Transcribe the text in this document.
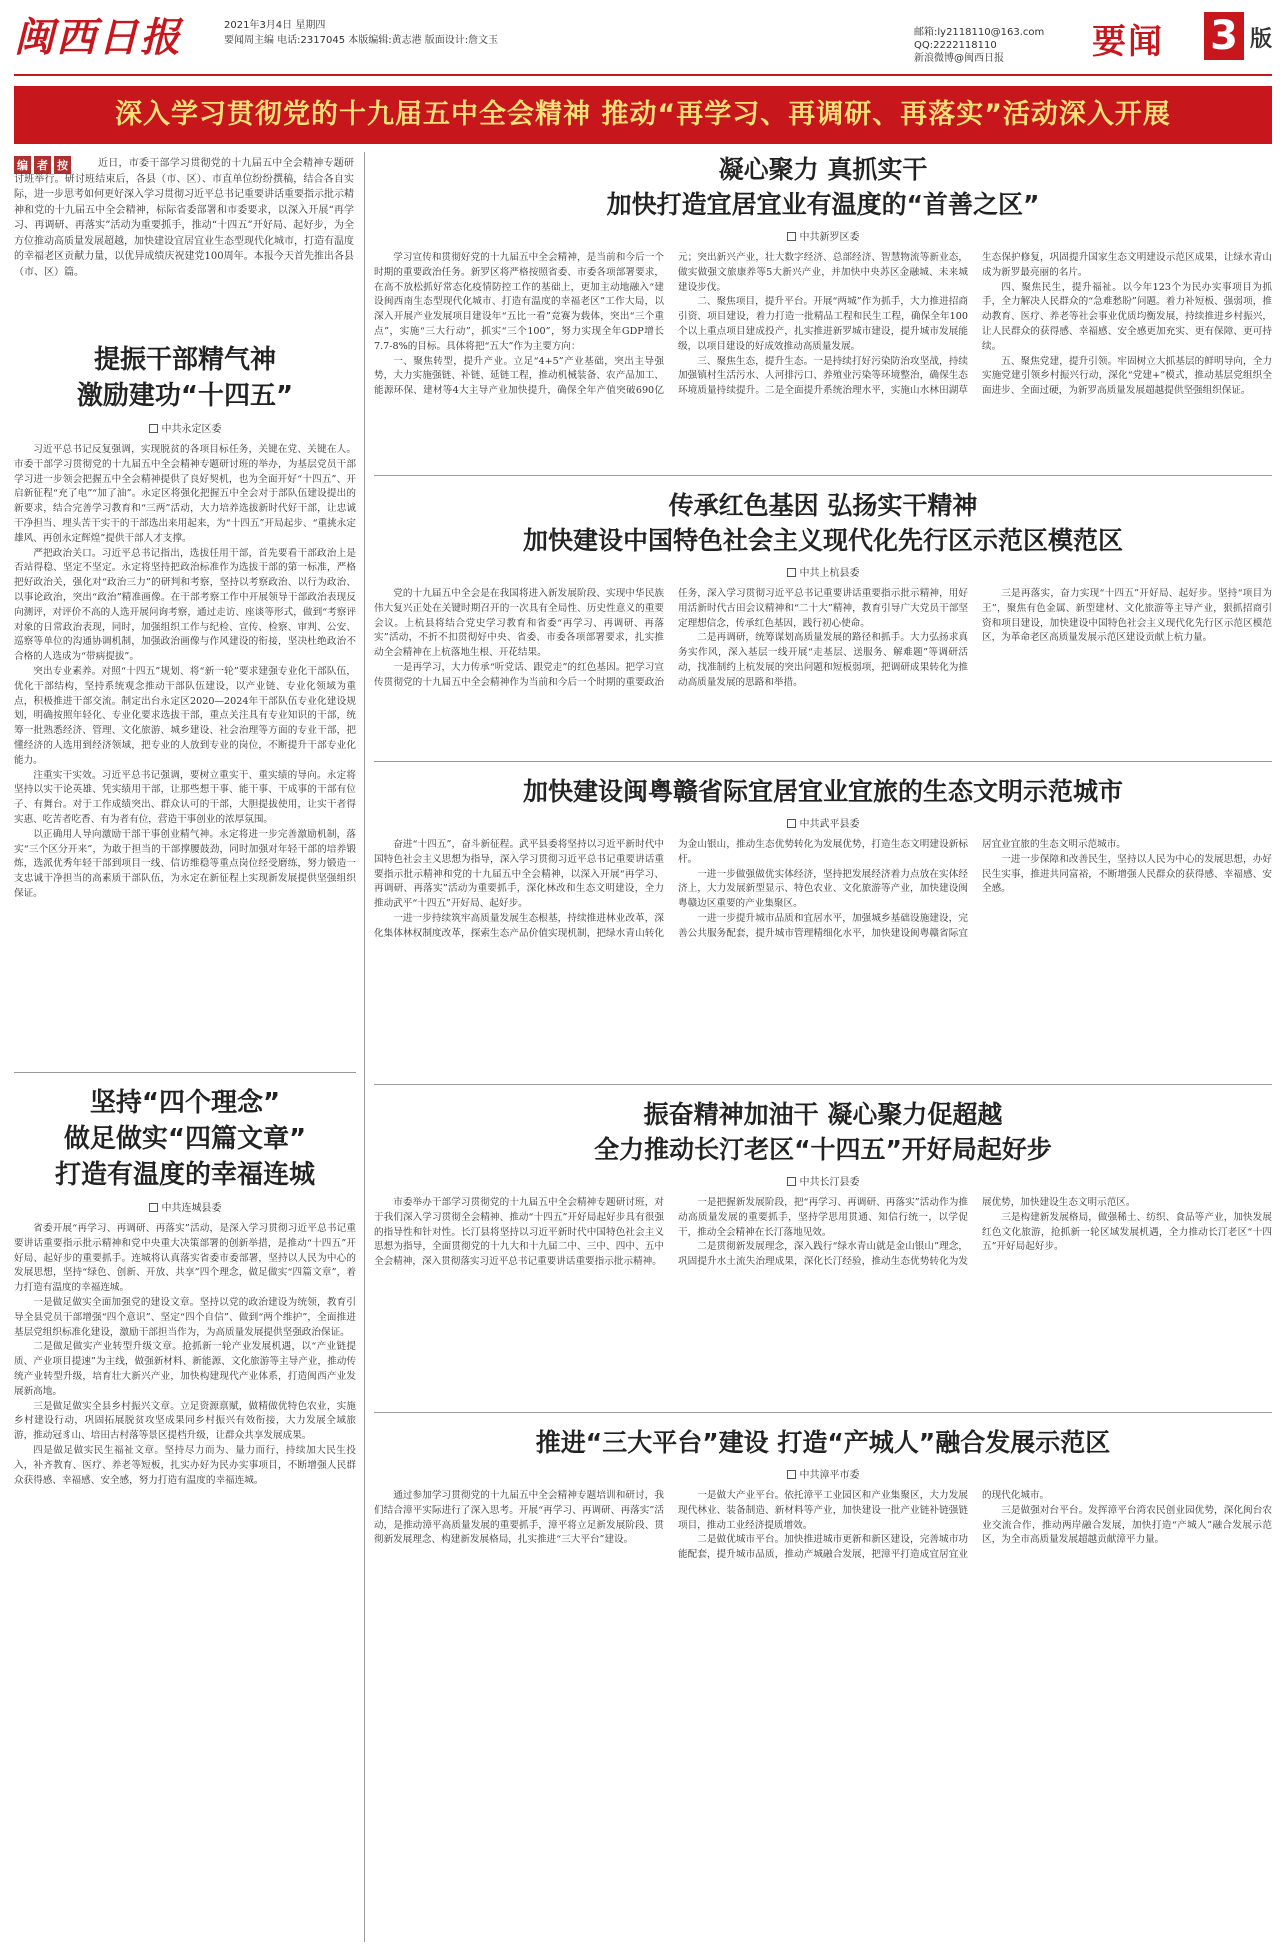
闽西日报	2021年3月4日 星期四
要闻周主编 电话:2317045 本版编辑:黄志港 版面设计:詹文玉
邮箱:ly2118110@163.com
QQ:2222118110
新浪微博@闽西日报	要闻 3 版
深入学习贯彻党的十九届五中全会精神 推动“再学习、再调研、再落实”活动深入开展
编 者 按	近日，市委干部学习贯彻党的十九届五中全会精神专题研讨班举行。研讨班结束后，各县（市、区）、市直单位纷纷撰稿，结合各自实际，进一步思考如何更好深入学习贯彻习近平总书记重要讲话重要指示批示精神和党的十九届五中全会精神，标际省委部署和市委要求，以深入开展“再学习、再调研、再落实”活动为重要抓手，推动“十四五”开好局、起好步，为全方位推动高质量发展超越，加快建设宜居宜业生态型现代化城市，打造有温度的幸福老区贡献力量，以优异成绩庆祝建党100周年。本报今天首先推出各县（市、区）篇。
提振干部精气神
激励建功“十四五”
中共永定区委

习近平总书记反复强调，实现脱贫的各项目标任务，关键在党、关键在人。市委干部学习贯彻党的十九届五中全会精神专题研讨班的举办，为基层党员干部学习进一步领会把握五中全会精神提供了良好契机，也为全面开好“十四五”、开启新征程“充了电”“加了油”。永定区将强化把握五中全会对于部队伍建设提出的新要求，结合完善学习教育和“三两”活动，大力培养选拔新时代好干部，让忠诚干净担当、埋头苦干实干的干部选出来用起来，为“十四五”开局起步、“重挑永定雄风、再创永定辉煌”提供干部人才支撑。

严把政治关口。习近平总书记指出，选拔任用干部，首先要看干部政治上是否站得稳、坚定不坚定。永定将坚持把政治标准作为选拔干部的第一标准，严格把好政治关，强化对“政治三力”的研判和考察，坚持以考察政治、以行为政治、以事论政治，突出“政治”精准画像。在干部考察工作中开展领导干部政治表现反向测评，对评价不高的人选开展问询考察，通过走访、座谈等形式，做到“考察评对象的日常政治表现，同时，加强组织工作与纪检、宣传、检察、审判、公安、巡察等单位的沟通协调机制，加强政治画像与作风建设的衔接，坚决杜绝政治不合格的人选成为“带病提拔”。

突出专业素养。对照“十四五”规划、将“新一轮”要求建强专业化干部队伍，优化干部结构，坚持系统观念推动干部队伍建设，以产业链、专业化领域为重点，积极推进干部交流。制定出台永定区2020—2024年干部队伍专业化建设规划，明确按照年轻化、专业化要求选拔干部，重点关注具有专业知识的干部，统筹一批熟悉经济、管理、文化旅游、城乡建设、社会治理等方面的专业干部，把懂经济的人选用到经济领域，把专业的人放到专业的岗位，不断提升干部专业化能力。

注重实干实效。习近平总书记强调，要树立重实干、重实绩的导向。永定将坚持以实干论英雄、凭实绩用干部，让那些想干事、能干事、干成事的干部有位子、有舞台。对于工作成绩突出、群众认可的干部，大胆提拔使用，让实干者得实惠、吃苦者吃香、有为者有位，营造干事创业的浓厚氛围。

以正确用人导向激励干部干事创业精气神。永定将进一步完善激励机制，落实“三个区分开来”，为敢于担当的干部撑腰鼓劲，同时加强对年轻干部的培养锻炼，选派优秀年轻干部到项目一线、信访维稳等重点岗位经受磨练，努力锻造一支忠诚干净担当的高素质干部队伍，为永定在新征程上实现新发展提供坚强组织保证。

坚持“四个理念”
做足做实“四篇文章”
打造有温度的幸福连城
中共连城县委

省委开展“再学习、再调研、再落实”活动，是深入学习贯彻习近平总书记重要讲话重要指示批示精神和党中央重大决策部署的创新举措，是推动“十四五”开好局、起好步的重要抓手。连城将认真落实省委市委部署，坚持以人民为中心的发展思想，坚持“绿色、创新、开放、共享”四个理念，做足做实“四篇文章”，着力打造有温度的幸福连城。

一是做足做实全面加强党的建设文章。坚持以党的政治建设为统领，教育引导全县党员干部增强“四个意识”、坚定“四个自信”、做到“两个维护”，全面推进基层党组织标准化建设，激励干部担当作为，为高质量发展提供坚强政治保证。

二是做足做实产业转型升级文章。抢抓新一轮产业发展机遇，以“产业链提质、产业项目提速”为主线，做强新材料、新能源、文化旅游等主导产业，推动传统产业转型升级，培育壮大新兴产业，加快构建现代产业体系，打造闽西产业发展新高地。

三是做足做实全县乡村振兴文章。立足资源禀赋，做精做优特色农业，实施乡村建设行动，巩固拓展脱贫攻坚成果同乡村振兴有效衔接，大力发展全域旅游，推动冠豸山、培田古村落等景区提档升级，让群众共享发展成果。

四是做足做实民生福祉文章。坚持尽力而为、量力而行，持续加大民生投入，补齐教育、医疗、养老等短板，扎实办好为民办实事项目，不断增强人民群众获得感、幸福感、安全感，努力打造有温度的幸福连城。

凝心聚力 真抓实干
加快打造宜居宜业有温度的“首善之区”
中共新罗区委

学习宣传和贯彻好党的十九届五中全会精神，是当前和今后一个时期的重要政治任务。新罗区将严格按照省委、市委各项部署要求，在高不放松抓好常态化疫情防控工作的基础上，更加主动地融入“建设闽西南生态型现代化城市、打造有温度的幸福老区”工作大局，以深入开展产业发展项目建设年“五比一看”竞赛为载体，突出“三个重点”，实施“三大行动”，抓实“三个100”，努力实现全年GDP增长7.7-8%的目标。具体将把“五大”作为主要方向：

一、聚焦转型，提升产业。立足“4+5”产业基础，突出主导强势，大力实施强链、补链、延链工程，推动机械装备、农产品加工、能源环保、建材等4大主导产业加快提升，确保全年产值突破690亿元；突出新兴产业，壮大数字经济、总部经济、智慧物流等新业态，做实做强文旅康养等5大新兴产业，并加快中央苏区金融城、未来城建设步伐。

二、聚焦项目，提升平台。开展“两城”作为抓手，大力推进招商引资、项目建设，着力打造一批精品工程和民生工程，确保全年100个以上重点项目建成投产，扎实推进新罗城市建设，提升城市发展能级，以项目建设的好成效推动高质量发展。

三、聚焦生态，提升生态。一是持续打好污染防治攻坚战，持续加强镇村生活污水、人河排污口、养殖业污染等环境整治，确保生态环境质量持续提升。二是全面提升系统治理水平，实施山水林田湖草生态保护修复，巩固提升国家生态文明建设示范区成果，让绿水青山成为新罗最亮丽的名片。

四、聚焦民生，提升福祉。以今年123个为民办实事项目为抓手，全力解决人民群众的“急难愁盼”问题。着力补短板、强弱项，推动教育、医疗、养老等社会事业优质均衡发展，持续推进乡村振兴，让人民群众的获得感、幸福感、安全感更加充实、更有保障、更可持续。

五、聚焦党建，提升引领。牢固树立大抓基层的鲜明导向，全力实施党建引领乡村振兴行动，深化“党建+”模式，推动基层党组织全面进步、全面过硬，为新罗高质量发展超越提供坚强组织保证。

传承红色基因 弘扬实干精神
加快建设中国特色社会主义现代化先行区示范区模范区
中共上杭县委

党的十九届五中全会是在我国将进入新发展阶段、实现中华民族伟大复兴正处在关键时期召开的一次具有全局性、历史性意义的重要会议。上杭县将结合党史学习教育和省委“再学习、再调研、再落实”活动，不折不扣贯彻好中央、省委、市委各项部署要求，扎实推动全会精神在上杭落地生根、开花结果。

一是再学习，大力传承“听党话、跟党走”的红色基因。把学习宣传贯彻党的十九届五中全会精神作为当前和今后一个时期的重要政治任务，深入学习贯彻习近平总书记重要讲话重要指示批示精神，用好用活新时代古田会议精神和“二十大”精神，教育引导广大党员干部坚定理想信念，传承红色基因，践行初心使命。

二是再调研，统筹谋划高质量发展的路径和抓手。大力弘扬求真务实作风，深入基层一线开展“走基层、送服务、解难题”等调研活动，找准制约上杭发展的突出问题和短板弱项，把调研成果转化为推动高质量发展的思路和举措。

三是再落实，奋力实现“十四五”开好局、起好步。坚持“项目为王”，聚焦有色金属、新型建材、文化旅游等主导产业，狠抓招商引资和项目建设，加快建设中国特色社会主义现代化先行区示范区模范区，为革命老区高质量发展示范区建设贡献上杭力量。

加快建设闽粤赣省际宜居宜业宜旅的生态文明示范城市
中共武平县委

奋进“十四五”，奋斗新征程。武平县委将坚持以习近平新时代中国特色社会主义思想为指导，深入学习贯彻习近平总书记重要讲话重要指示批示精神和党的十九届五中全会精神，以深入开展“再学习、再调研、再落实”活动为重要抓手，深化林改和生态文明建设，全力推动武平“十四五”开好局、起好步。

一进一步持续筑牢高质量发展生态根基，持续推进林业改革，深化集体林权制度改革，探索生态产品价值实现机制，把绿水青山转化为金山银山，推动生态优势转化为发展优势，打造生态文明建设新标杆。

一进一步做强做优实体经济，坚持把发展经济着力点放在实体经济上，大力发展新型显示、特色农业、文化旅游等产业，加快建设闽粤赣边区重要的产业集聚区。

一进一步提升城市品质和宜居水平，加强城乡基础设施建设，完善公共服务配套，提升城市管理精细化水平，加快建设闽粤赣省际宜居宜业宜旅的生态文明示范城市。

一进一步保障和改善民生，坚持以人民为中心的发展思想，办好民生实事，推进共同富裕，不断增强人民群众的获得感、幸福感、安全感。

振奋精神加油干 凝心聚力促超越
全力推动长汀老区“十四五”开好局起好步
中共长汀县委

市委举办干部学习贯彻党的十九届五中全会精神专题研讨班，对于我们深入学习贯彻全会精神、推动“十四五”开好局起好步具有很强的指导性和针对性。长汀县将坚持以习近平新时代中国特色社会主义思想为指导，全面贯彻党的十九大和十九届二中、三中、四中、五中全会精神，深入贯彻落实习近平总书记重要讲话重要指示批示精神。

一是把握新发展阶段，把“再学习、再调研、再落实”活动作为推动高质量发展的重要抓手，坚持学思用贯通、知信行统一，以学促干，推动全会精神在长汀落地见效。

二是贯彻新发展理念，深入践行“绿水青山就是金山银山”理念，巩固提升水土流失治理成果，深化长汀经验，推动生态优势转化为发展优势，加快建设生态文明示范区。

三是构建新发展格局，做强稀土、纺织、食品等产业，加快发展红色文化旅游，抢抓新一轮区域发展机遇，全力推动长汀老区“十四五”开好局起好步。

推进“三大平台”建设 打造“产城人”融合发展示范区
中共漳平市委

通过参加学习贯彻党的十九届五中全会精神专题培训和研讨，我们结合漳平实际进行了深入思考。开展“再学习、再调研、再落实”活动，是推动漳平高质量发展的重要抓手，漳平将立足新发展阶段、贯彻新发展理念、构建新发展格局，扎实推进“三大平台”建设。

一是做大产业平台。依托漳平工业园区和产业集聚区，大力发展现代林业、装备制造、新材料等产业，加快建设一批产业链补链强链项目，推动工业经济提质增效。

二是做优城市平台。加快推进城市更新和新区建设，完善城市功能配套，提升城市品质，推动产城融合发展，把漳平打造成宜居宜业的现代化城市。

三是做强对台平台。发挥漳平台湾农民创业园优势，深化闽台农业交流合作，推动两岸融合发展，加快打造“产城人”融合发展示范区，为全市高质量发展超越贡献漳平力量。
